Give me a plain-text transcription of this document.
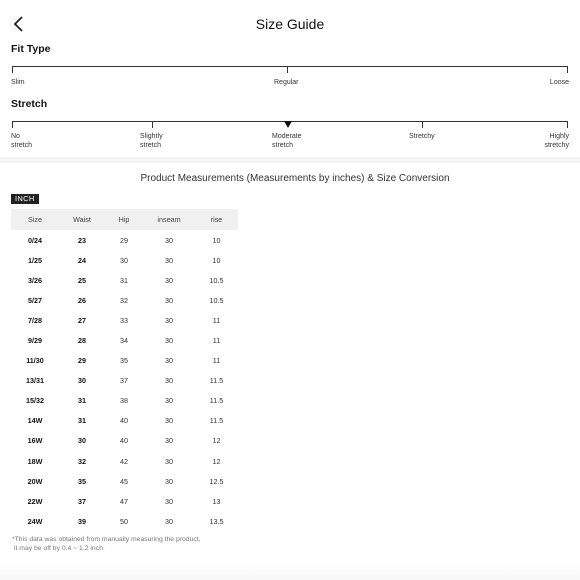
Size Guide
Fit Type
Slim	Regular	Loose
Stretch
No
stretch
Slightly
stretch
Moderate
stretch
Stretchy	Highly
stretchy
Product Measurements (Measurements by inches) & Size Conversion
INCH
Size	Waist	Hip	inseam	rise
0/24	23	29	30	10
1/25	24	30	30	10
3/26	25	31	30	10.5
5/27	26	32	30	10.5
7/28	27	33	30	11
9/29	28	34	30	11
11/30	29	35	30	11
13/31	30	37	30	11.5
15/32	31	38	30	11.5
14W	31	40	30	11.5
16W	30	40	30	12
18W	32	42	30	12
20W	35	45	30	12.5
22W	37	47	30	13
24W	39	50	30	13.5
*This data was obtained from manually measuring the product,
it may be off by 0.4 ~ 1.2 inch.
